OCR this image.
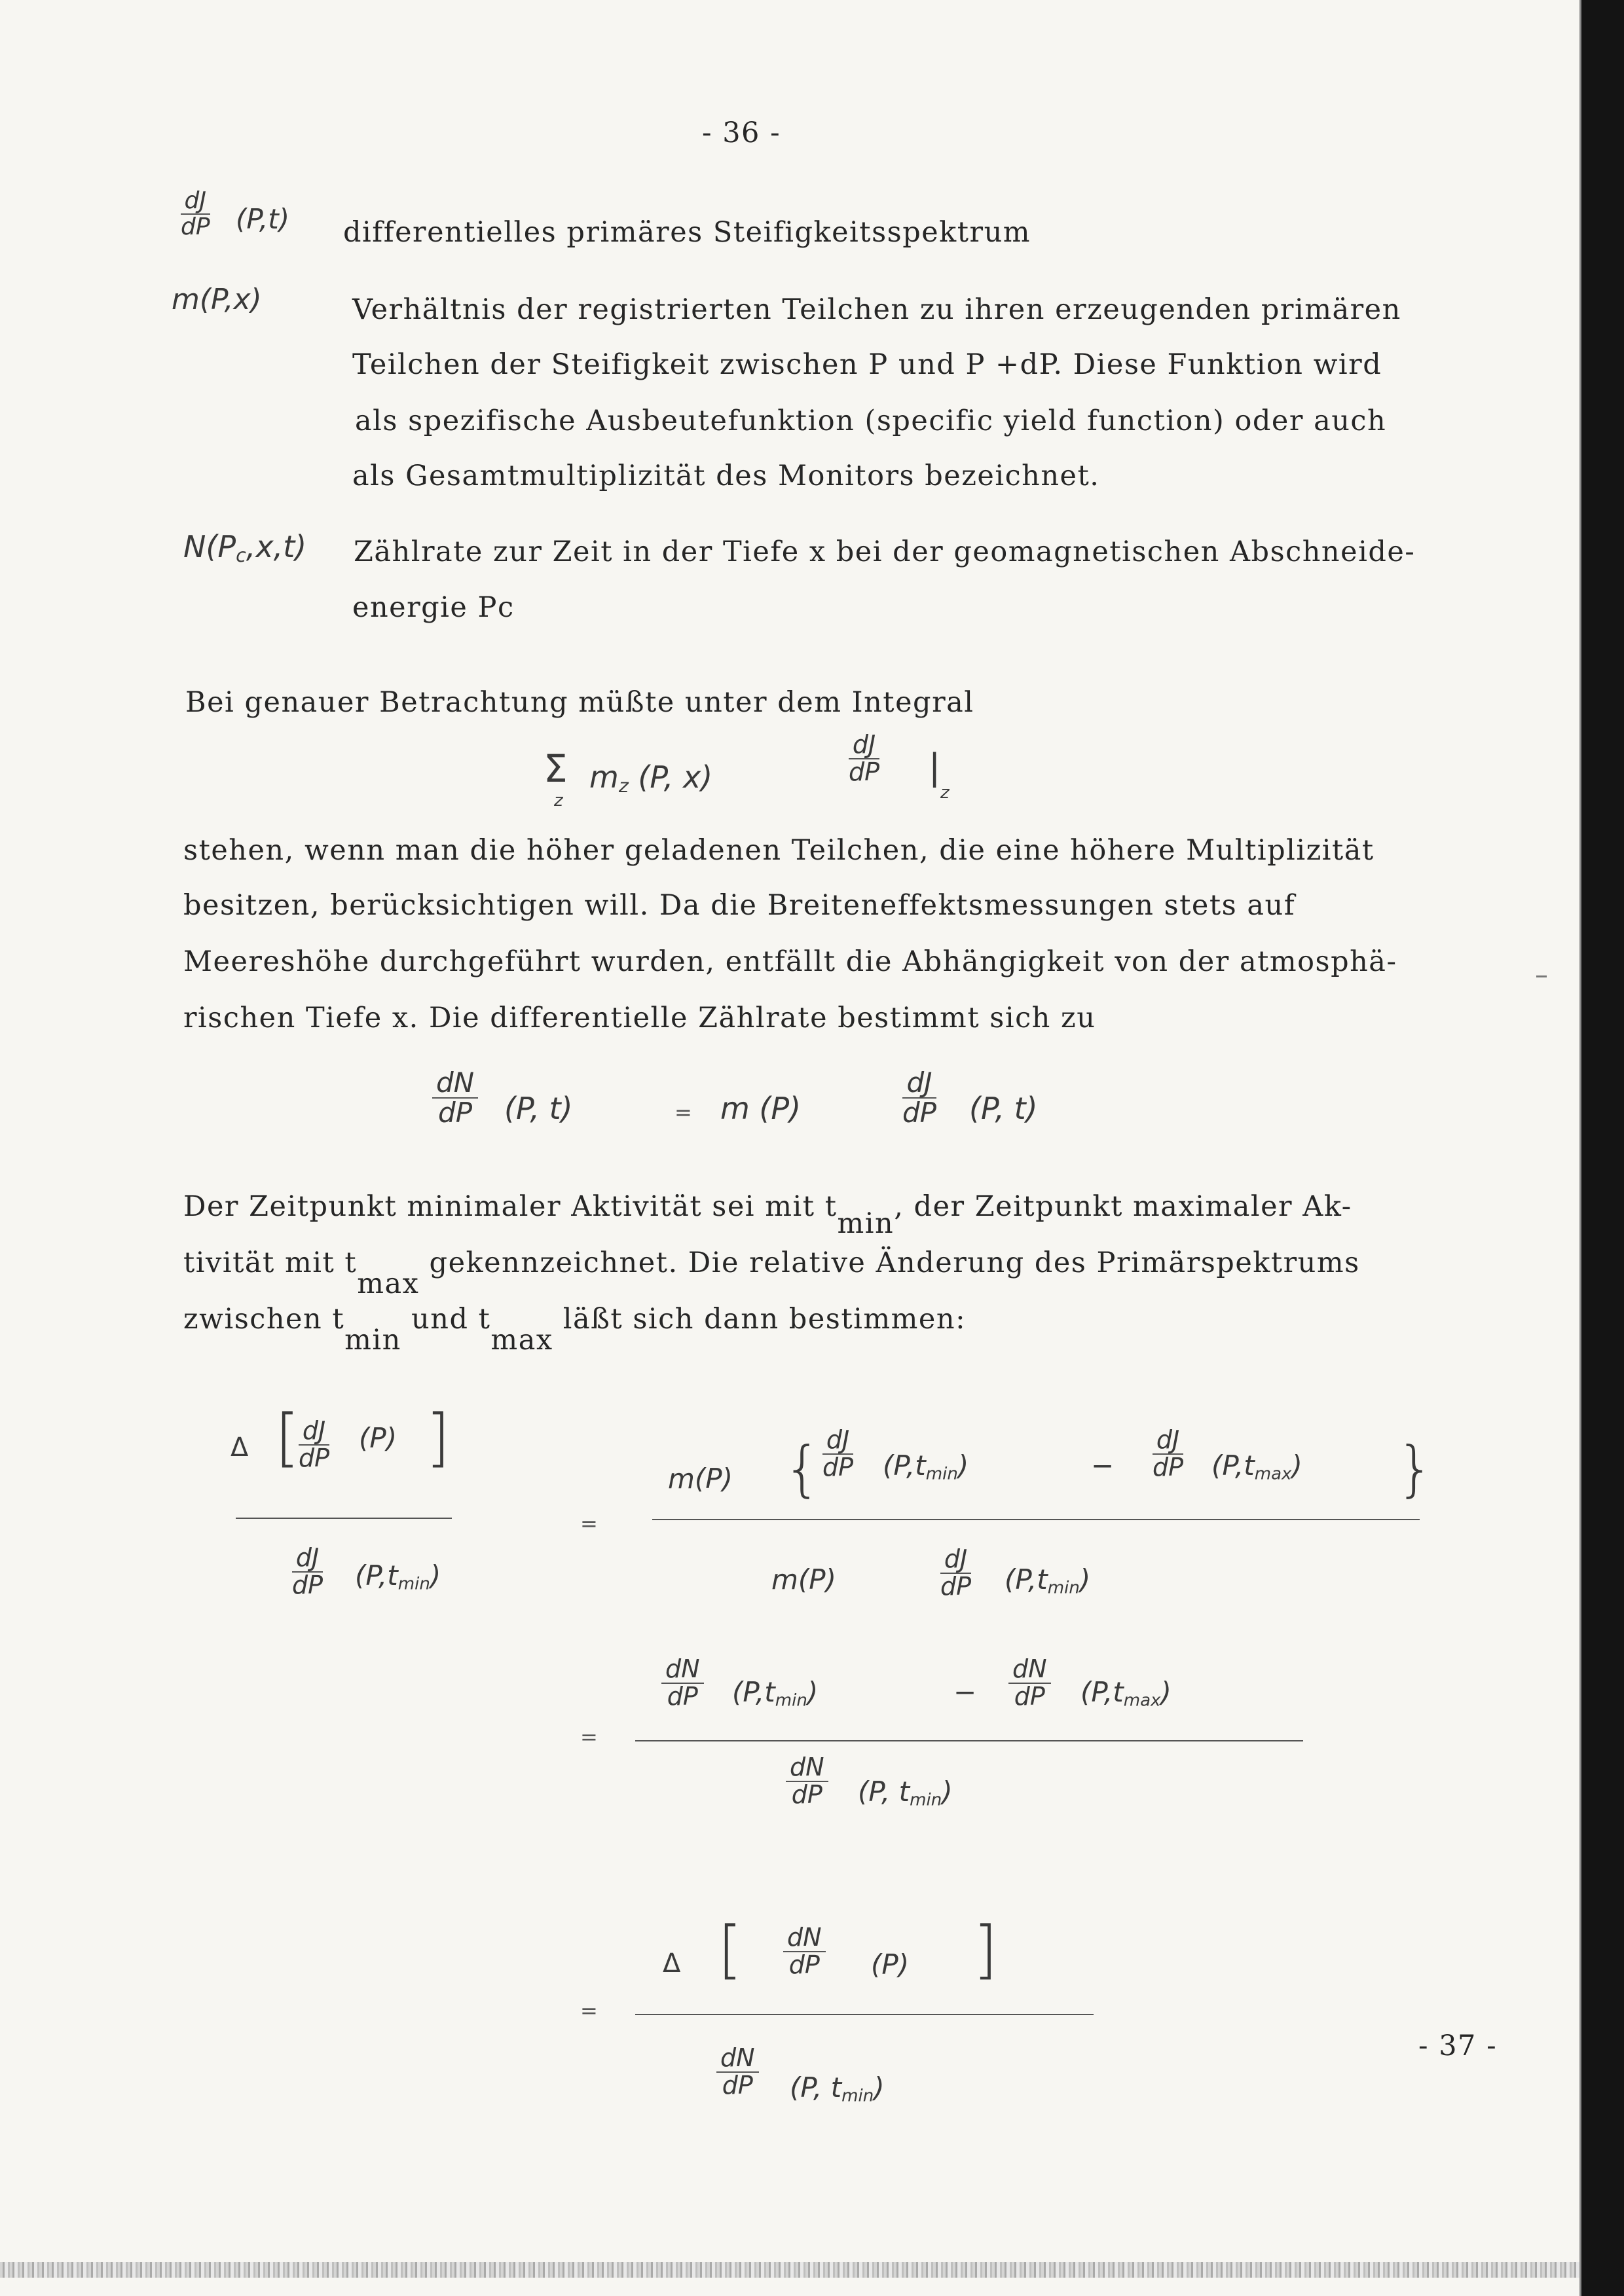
- 36 -
$\frac{dJ}{dP} (P,t)$ differentielles primäres Steifigkeitsspektrum
m(P,x)	Verhältnis der registrierten Teilchen zu ihren erzeugenden primären
Teilchen der Steifigkeit zwischen P und P +dP. Diese Funktion wird
als spezifische Ausbeutefunktion (specific yield function) oder auch
als Gesamtmultiplizität des Monitors bezeichnet.
$N(P_c,x,t)$ Zählrate zur Zeit in der Tiefe x bei der geomagnetischen Abschneide-
energie Pc
Bei genauer Betrachtung müßte unter dem Integral
Σ
z
$m_z$ (P, x)	$\frac{dJ}{dP}$ |
z
stehen, wenn man die höher geladenen Teilchen, die eine höhere Multiplizität
besitzen, berücksichtigen will. Da die Breiteneffektsmessungen stets auf
Meereshöhe durchgeführt wurden, entfällt die Abhängigkeit von der atmosphä-
rischen Tiefe x. Die differentielle Zählrate bestimmt sich zu
$\frac{dN}{dP} (P$, t)	= m (P)	$\frac{dJ}{dP} (P$, t)
Der Zeitpunkt minimaler Aktivität sei mit tmin, der Zeitpunkt maximaler Ak-
tivität mit tmax gekennzeichnet. Die relative Änderung des Primärspektrums
zwischen tmin und tmax läßt sich dann bestimmen:
Δ [
$\frac{dJ}{dP} (P)$ ]
$\frac{dJ}{dP} (P,t_{min})$
=
m(P) {
$\frac{dJ}{dP} (P,t_{min})$	− $\frac{dJ}{dP} (P,t_{max})$ }
m(P)	$\frac{dJ}{dP} (P,t_{min})$
=
$\frac{dN}{dP} (P,t_{min})$	− $\frac{dN}{dP} (P,t_{max})$
$\frac{dN}{dP} (P$, $t_{min}$)
=
Δ [ $\frac{dN}{dP} (P)$ ]
$\frac{dN}{dP} (P$, $t_{min}$)
- 37 -
